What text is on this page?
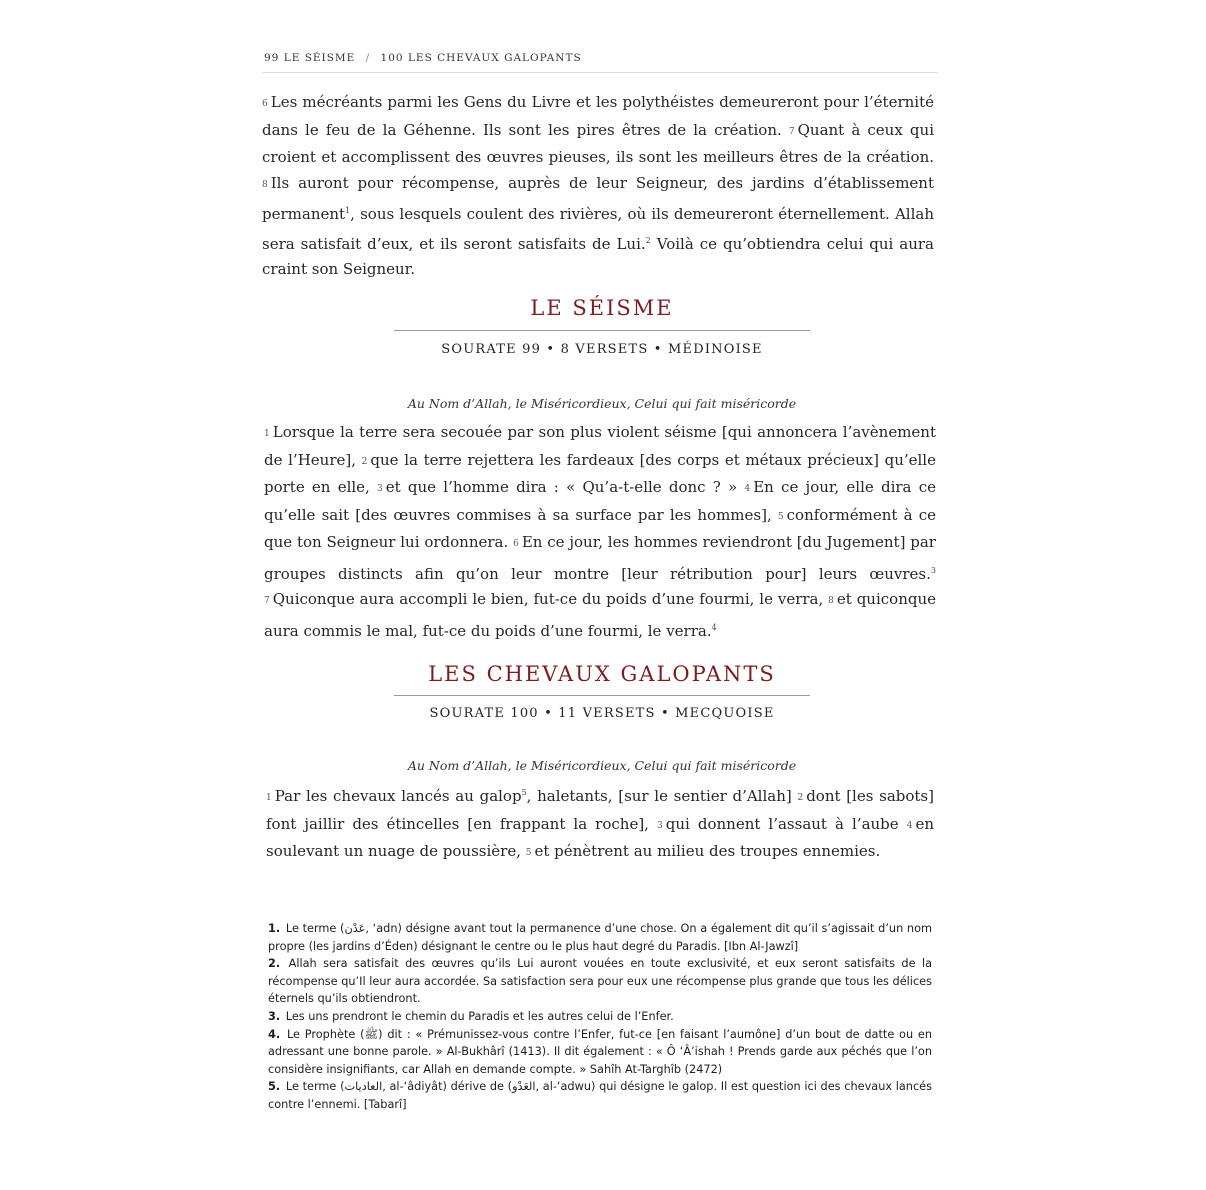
99 LE SÉISME / 100 LES CHEVAUX GALOPANTS
6 Les mécréants parmi les Gens du Livre et les polythéistes demeureront pour l’éternité dans le feu de la Géhenne. Ils sont les pires êtres de la création. 7 Quant à ceux qui croient et accomplissent des œuvres pieuses, ils sont les meilleurs êtres de la création. 8 Ils auront pour récompense, auprès de leur Seigneur, des jardins d’établissement permanent$^1$, sous lesquels coulent des rivières, où ils demeureront éternellement. Allah sera satisfait d’eux, et ils seront satisfaits de Lui.$^2$ Voilà ce qu’obtiendra celui qui aura craint son Seigneur.
LE SÉISME
SOURATE 99 • 8 VERSETS • MÉDINOISE
Au Nom d’Allah, le Miséricordieux, Celui qui fait miséricorde
1 Lorsque la terre sera secouée par son plus violent séisme [qui annoncera l’avènement de l’Heure], 2 que la terre rejettera les fardeaux [des corps et métaux précieux] qu’elle porte en elle, 3 et que l’homme dira : « Qu’a-t-elle donc ? » 4 En ce jour, elle dira ce qu’elle sait [des œuvres commises à sa surface par les hommes], 5 conformément à ce que ton Seigneur lui ordonnera. 6 En ce jour, les hommes reviendront [du Jugement] par groupes distincts afin qu’on leur montre [leur rétribution pour] leurs œuvres.$^3$ 7 Quiconque aura accompli le bien, fut-ce du poids d’une fourmi, le verra, 8 et quiconque aura commis le mal, fut-ce du poids d’une fourmi, le verra.$^4$
LES CHEVAUX GALOPANTS
SOURATE 100 • 11 VERSETS • MECQUOISE
Au Nom d’Allah, le Miséricordieux, Celui qui fait miséricorde
1 Par les chevaux lancés au galop$^5$, haletants, [sur le sentier d’Allah] 2 dont [les sabots] font jaillir des étincelles [en frappant la roche], 3 qui donnent l’assaut à l’aube 4 en soulevant un nuage de poussière, 5 et pénètrent au milieu des troupes ennemies.

1. Le terme (عَدْن, ‘adn) désigne avant tout la permanence d’une chose. On a également dit qu’il s’agissait d’un nom propre (les jardins d’Éden) désignant le centre ou le plus haut degré du Paradis. [Ibn Al-Jawzî]

2. Allah sera satisfait des œuvres qu’ils Lui auront vouées en toute exclusivité, et eux seront satisfaits de la récompense qu’Il leur aura accordée. Sa satisfaction sera pour eux une récompense plus grande que tous les délices éternels qu’ils obtiendront.

3. Les uns prendront le chemin du Paradis et les autres celui de l’Enfer.

4. Le Prophète (ﷺ) dit : « Prémunissez-vous contre l’Enfer, fut-ce [en faisant l’aumône] d’un bout de datte ou en adressant une bonne parole. » Al-Bukhârî (1413). Il dit également : « Ô ‘Â’ishah ! Prends garde aux péchés que l’on considère insignifiants, car Allah en demande compte. » Sahîh At-Targhîb (2472)

5. Le terme (العاديات, al-‘âdiyât) dérive de (العَدْو, al-‘adwu) qui désigne le galop. Il est question ici des chevaux lancés contre l’ennemi. [Tabarî]
